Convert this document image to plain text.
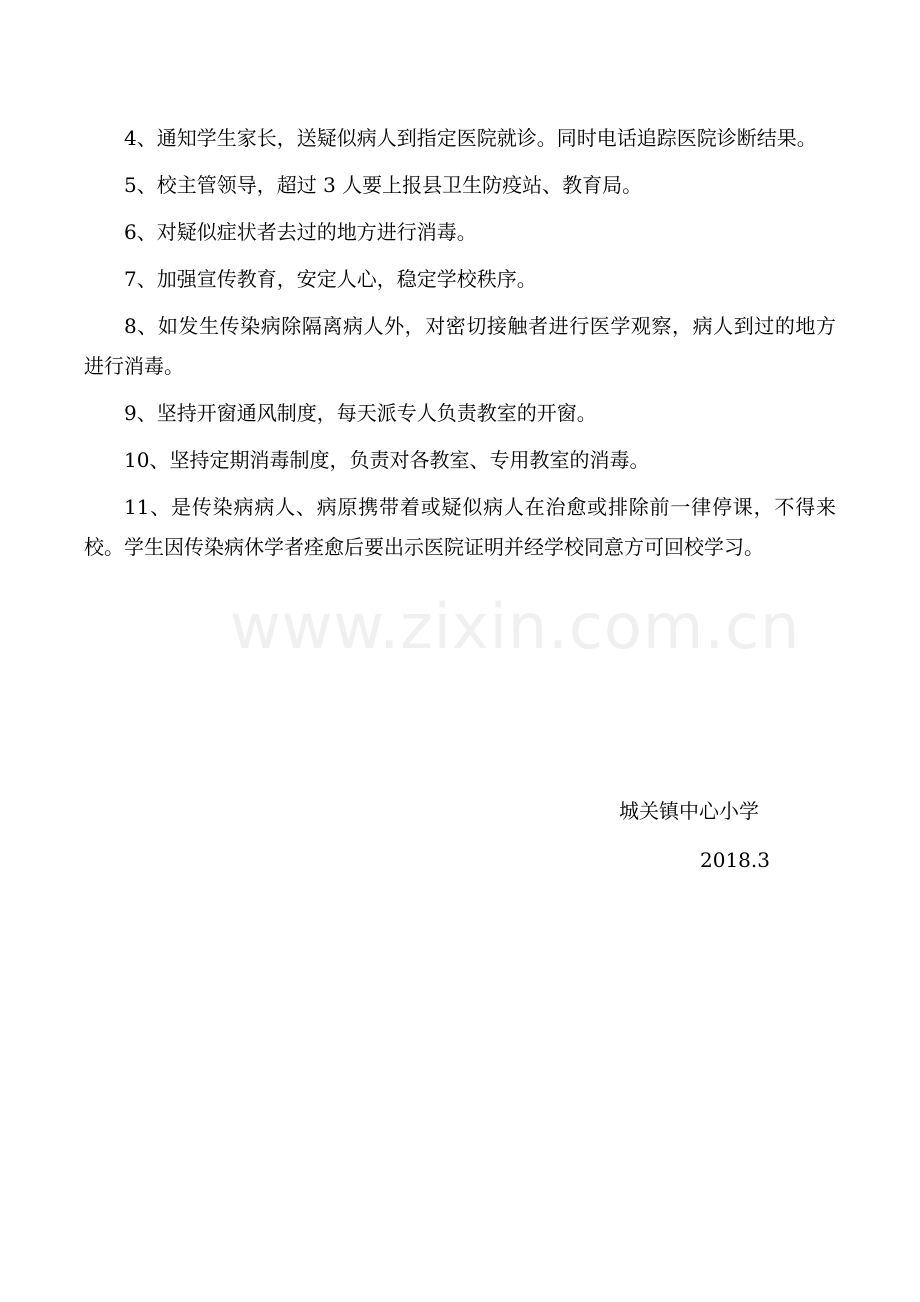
4、通知学生家长，送疑似病人到指定医院就诊。同时电话追踪医院诊断结果。

5、校主管领导，超过 3 人要上报县卫生防疫站、教育局。

6、对疑似症状者去过的地方进行消毒。

7、加强宣传教育，安定人心，稳定学校秩序。

8、如发生传染病除隔离病人外，对密切接触者进行医学观察，病人到过的地方进行消毒。

9、坚持开窗通风制度，每天派专人负责教室的开窗。

10、坚持定期消毒制度，负责对各教室、专用教室的消毒。

11、是传染病病人、病原携带着或疑似病人在治愈或排除前一律停课，不得来校。学生因传染病休学者痊愈后要出示医院证明并经学校同意方可回校学习。

城关镇中心小学
2018.3
www.zixin.com.cn
